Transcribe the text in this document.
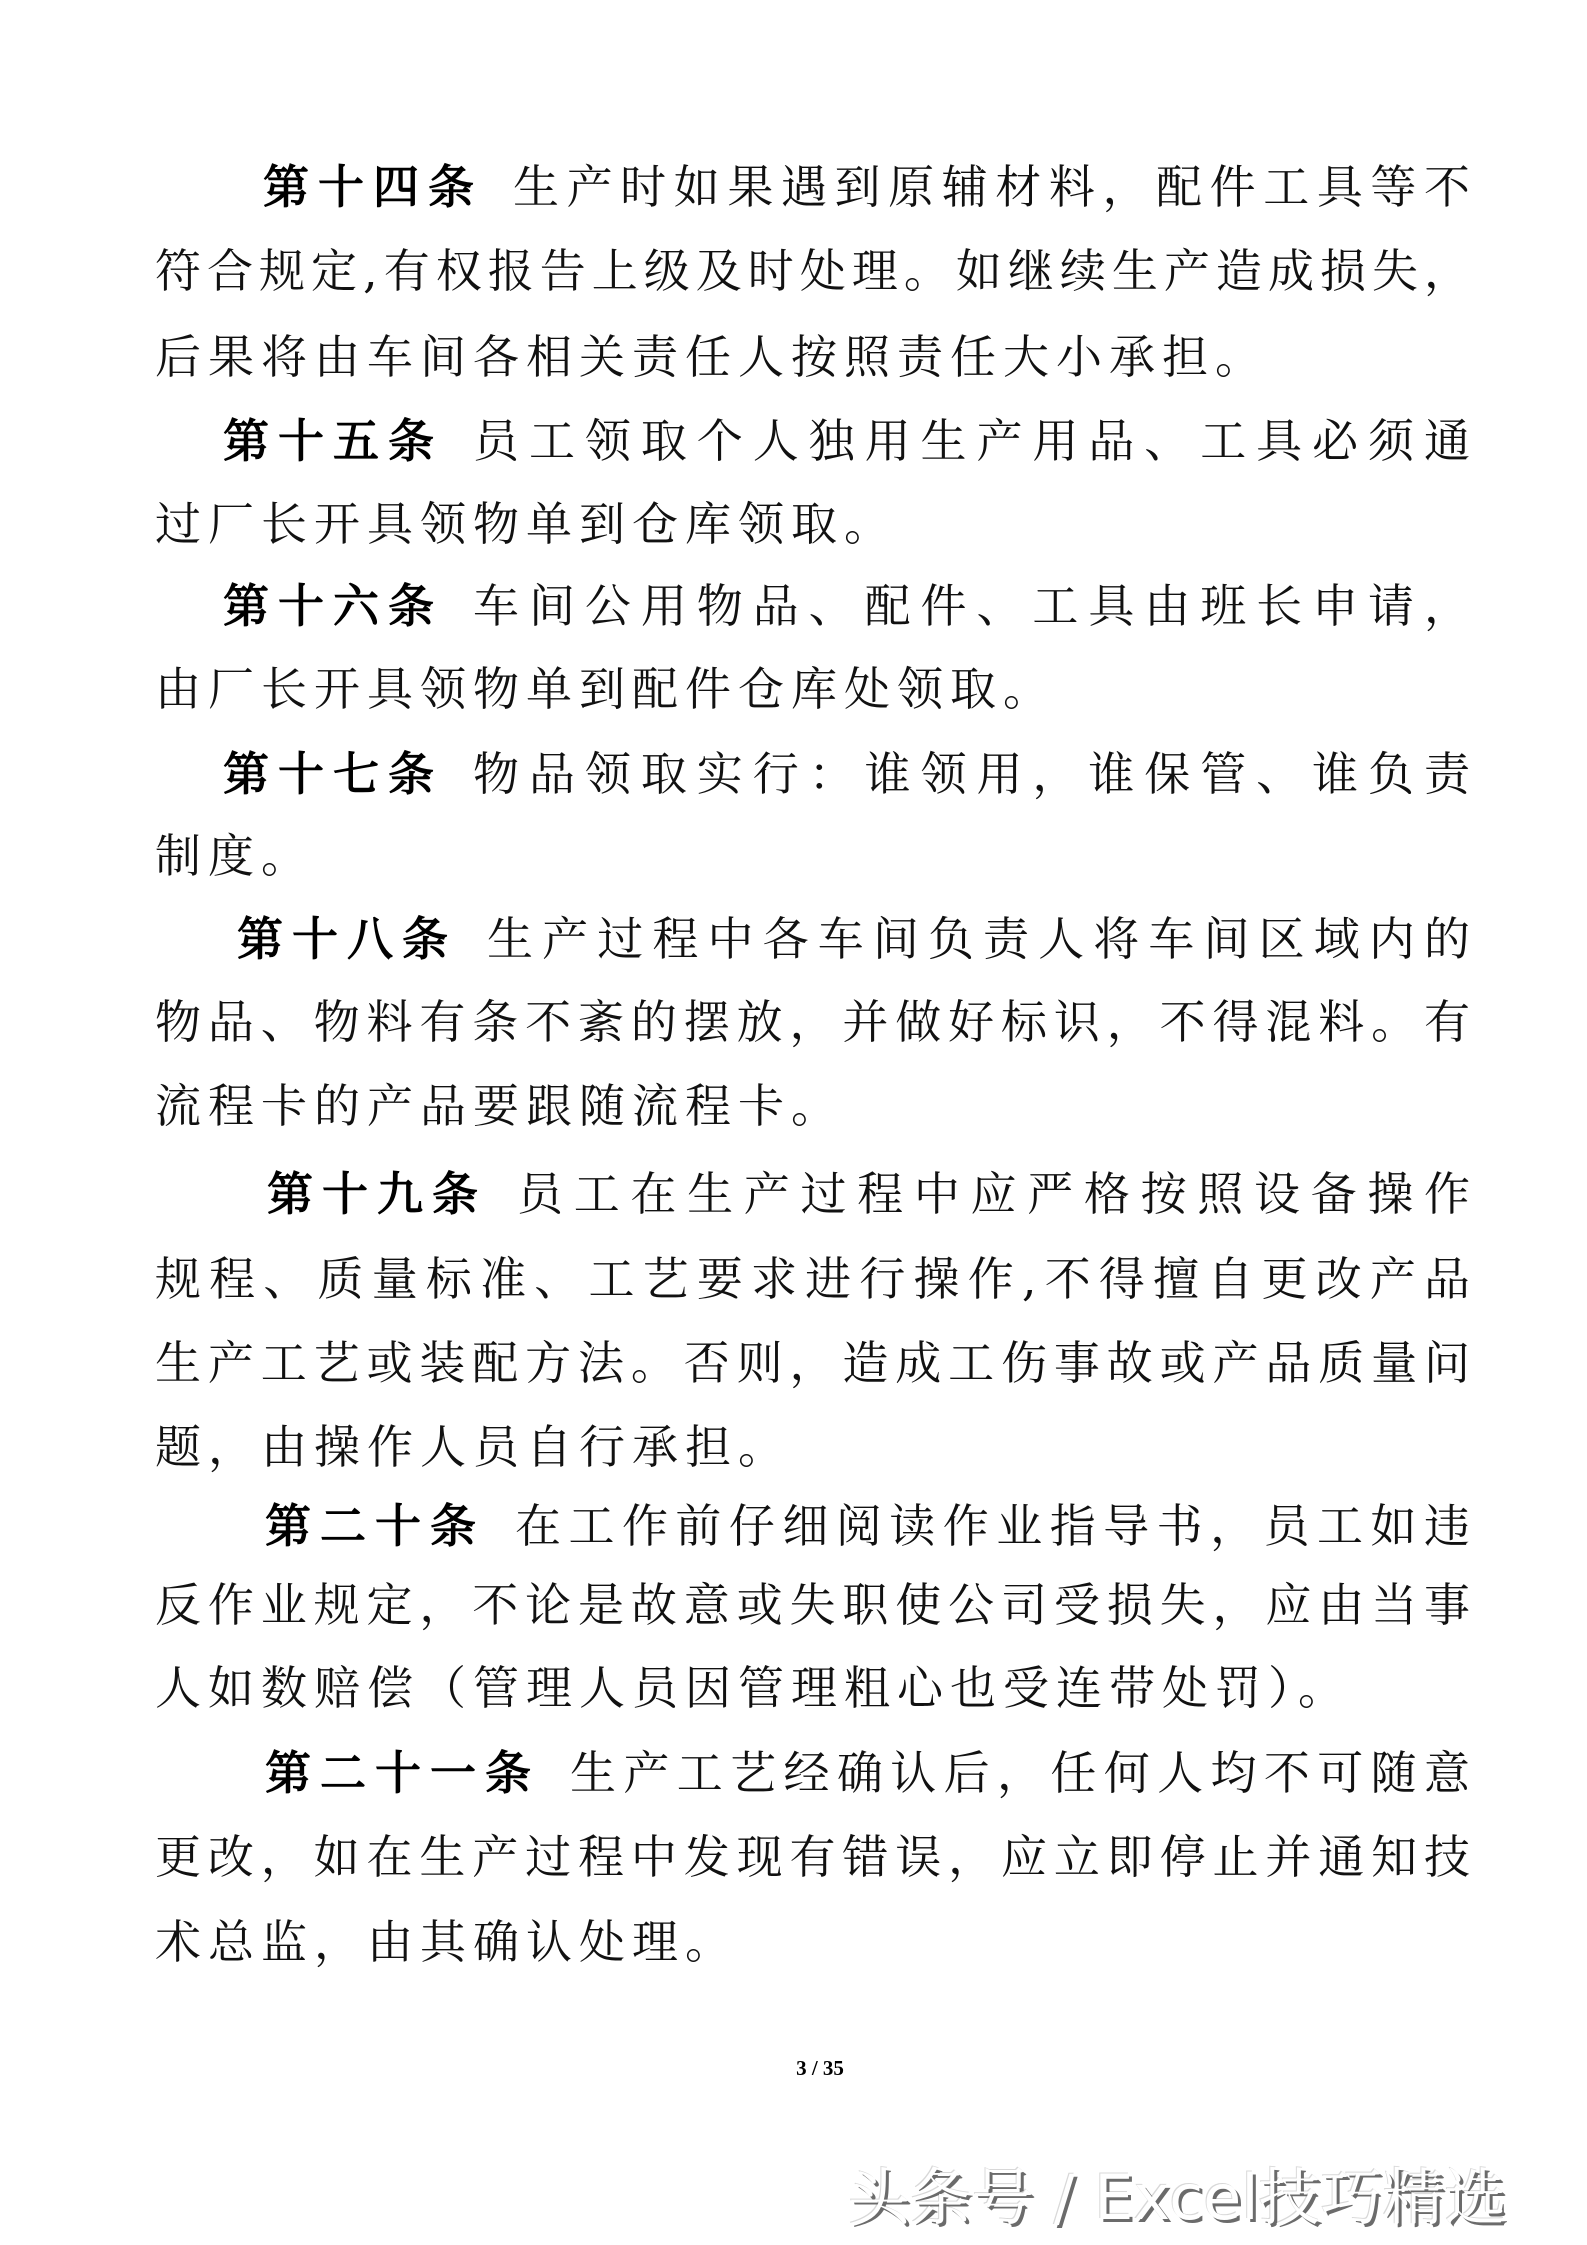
第十四条 生产时如果遇到原辅材料，配件工具等不
符合规定,有权报告上级及时处理。如继续生产造成损失，
后果将由车间各相关责任人按照责任大小承担。
第十五条 员工领取个人独用生产用品、工具必须通
过厂长开具领物单到仓库领取。
第十六条 车间公用物品、配件、工具由班长申请，
由厂长开具领物单到配件仓库处领取。
第十七条 物品领取实行：谁领用，谁保管、谁负责
制度。
第十八条 生产过程中各车间负责人将车间区域内的
物品、物料有条不紊的摆放，并做好标识，不得混料。有
流程卡的产品要跟随流程卡。
第十九条 员工在生产过程中应严格按照设备操作
规程、质量标准、工艺要求进行操作,不得擅自更改产品
生产工艺或装配方法。否则，造成工伤事故或产品质量问
题，由操作人员自行承担。
第二十条 在工作前仔细阅读作业指导书，员工如违
反作业规定，不论是故意或失职使公司受损失，应由当事
人如数赔偿（管理人员因管理粗心也受连带处罚）。
第二十一条 生产工艺经确认后，任何人均不可随意
更改，如在生产过程中发现有错误，应立即停止并通知技
术总监，由其确认处理。
3 / 35
头条号 / Excel技巧精选
